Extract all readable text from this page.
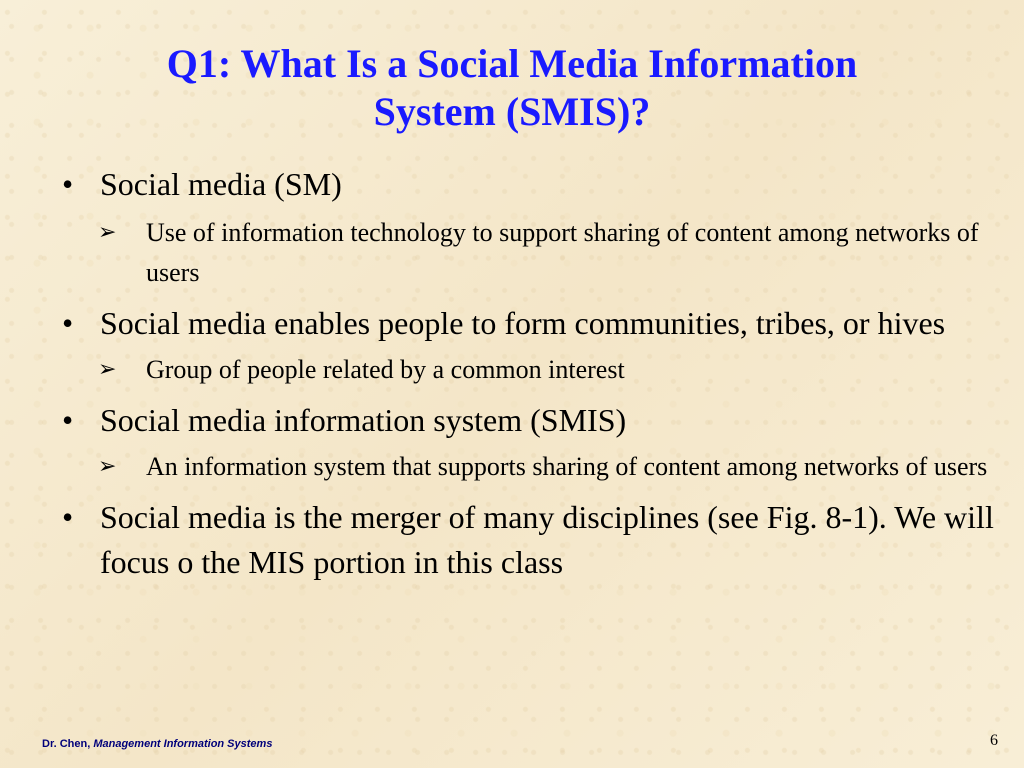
Q1: What Is a Social Media Information
System (SMIS)?
• Social media (SM)
➢	Use of information technology to support sharing of content among networks of users
• Social media enables people to form communities, tribes, or hives
➢	Group of people related by a common interest
• Social media information system (SMIS)
➢	An information system that supports sharing of content among networks of users
• Social media is the merger of many disciplines (see Fig. 8-1). We will focus o the MIS portion in this class
Dr. Chen, Management Information Systems	6
